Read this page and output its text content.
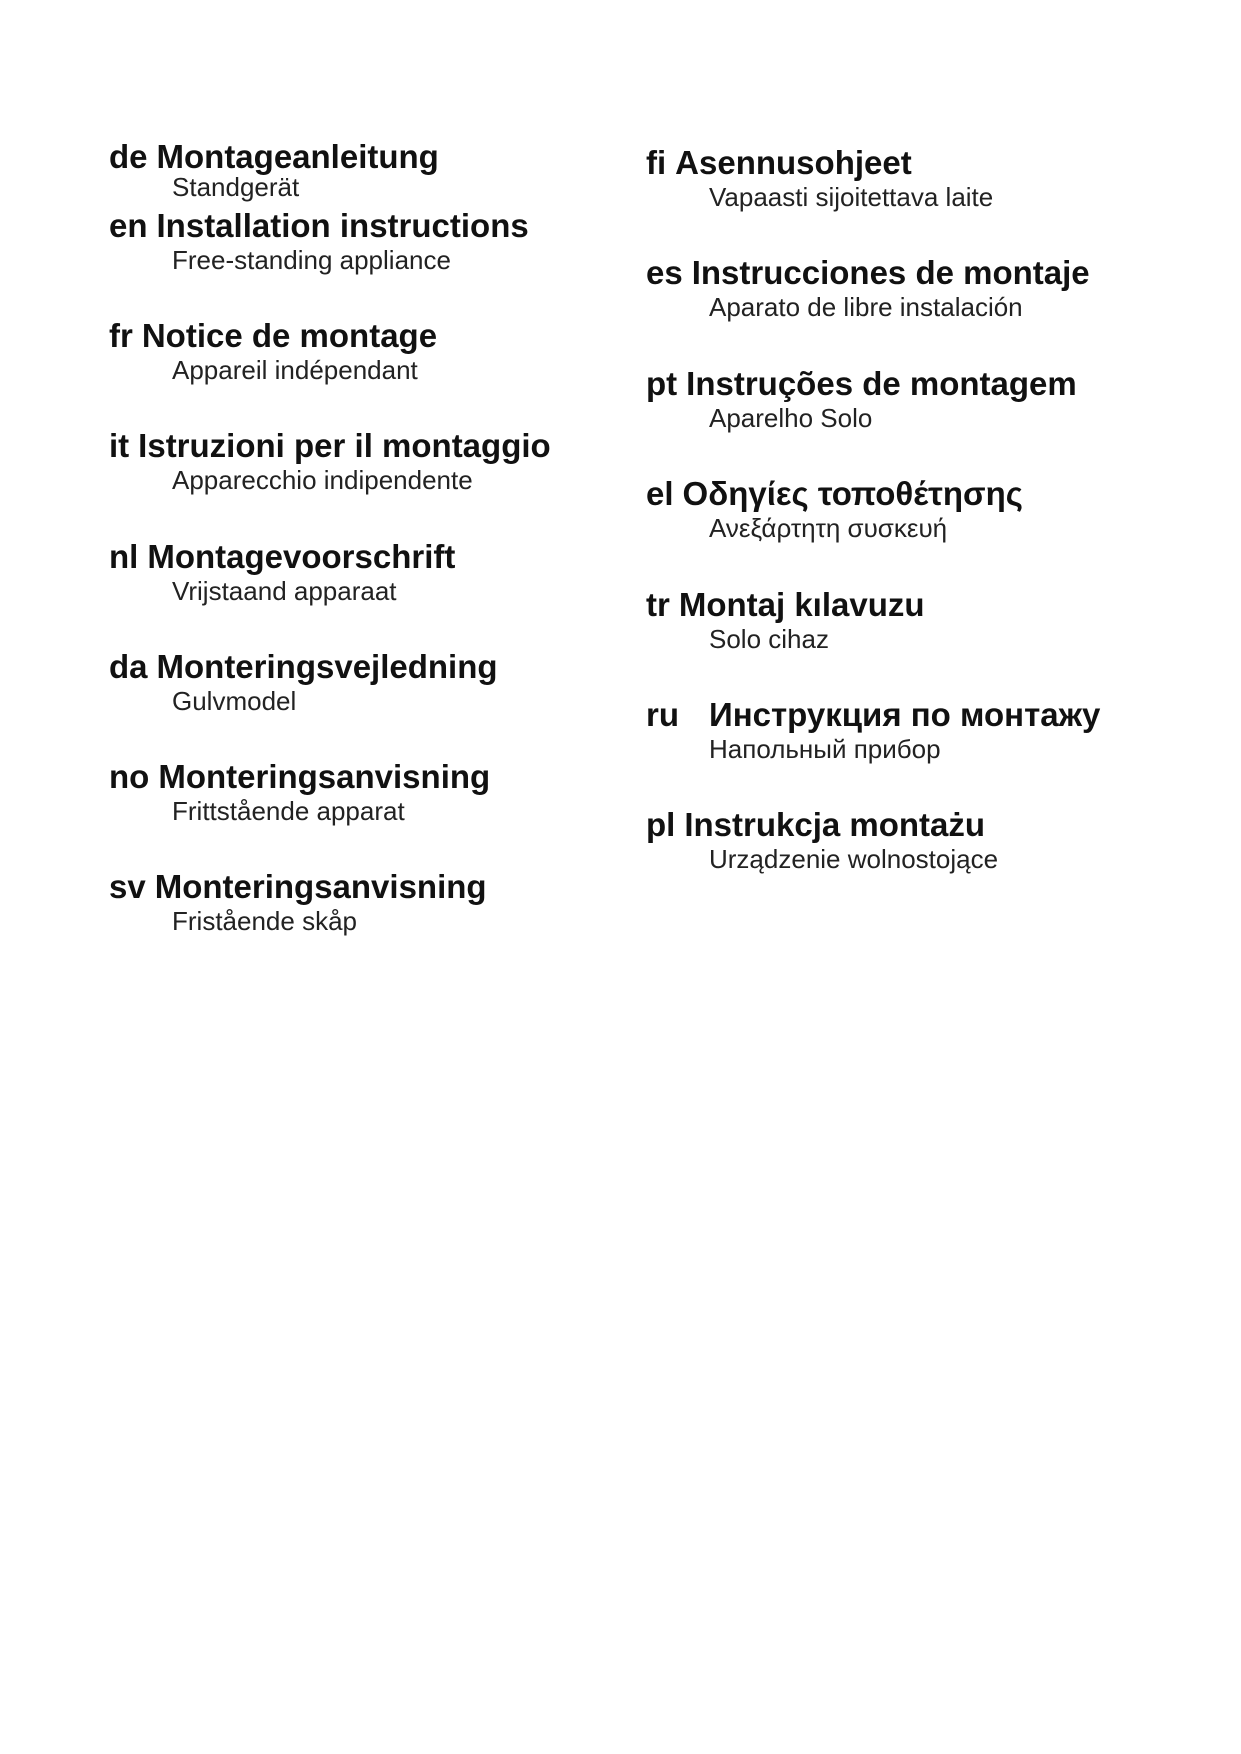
de Montageanleitung
Standgerät
en Installation instructions
Free-standing appliance
fr Notice de montage
Appareil indépendant
it Istruzioni per il montaggio
Apparecchio indipendente
nl Montagevoorschrift
Vrijstaand apparaat
da Monteringsvejledning
Gulvmodel
no Monteringsanvisning
Frittstående apparat
sv Monteringsanvisning
Fristående skåp
fi Asennusohjeet
Vapaasti sijoitettava laite
es Instrucciones de montaje
Aparato de libre instalación
pt Instruções de montagem
Aparelho Solo
el Οδηγίες τοποθέτησης
Ανεξάρτητη συσκευή
tr Montaj kılavuzu
Solo cihaz
ru Инструкция по монтажу
Напольный прибор
pl Instrukcja montażu
Urządzenie wolnostojące
